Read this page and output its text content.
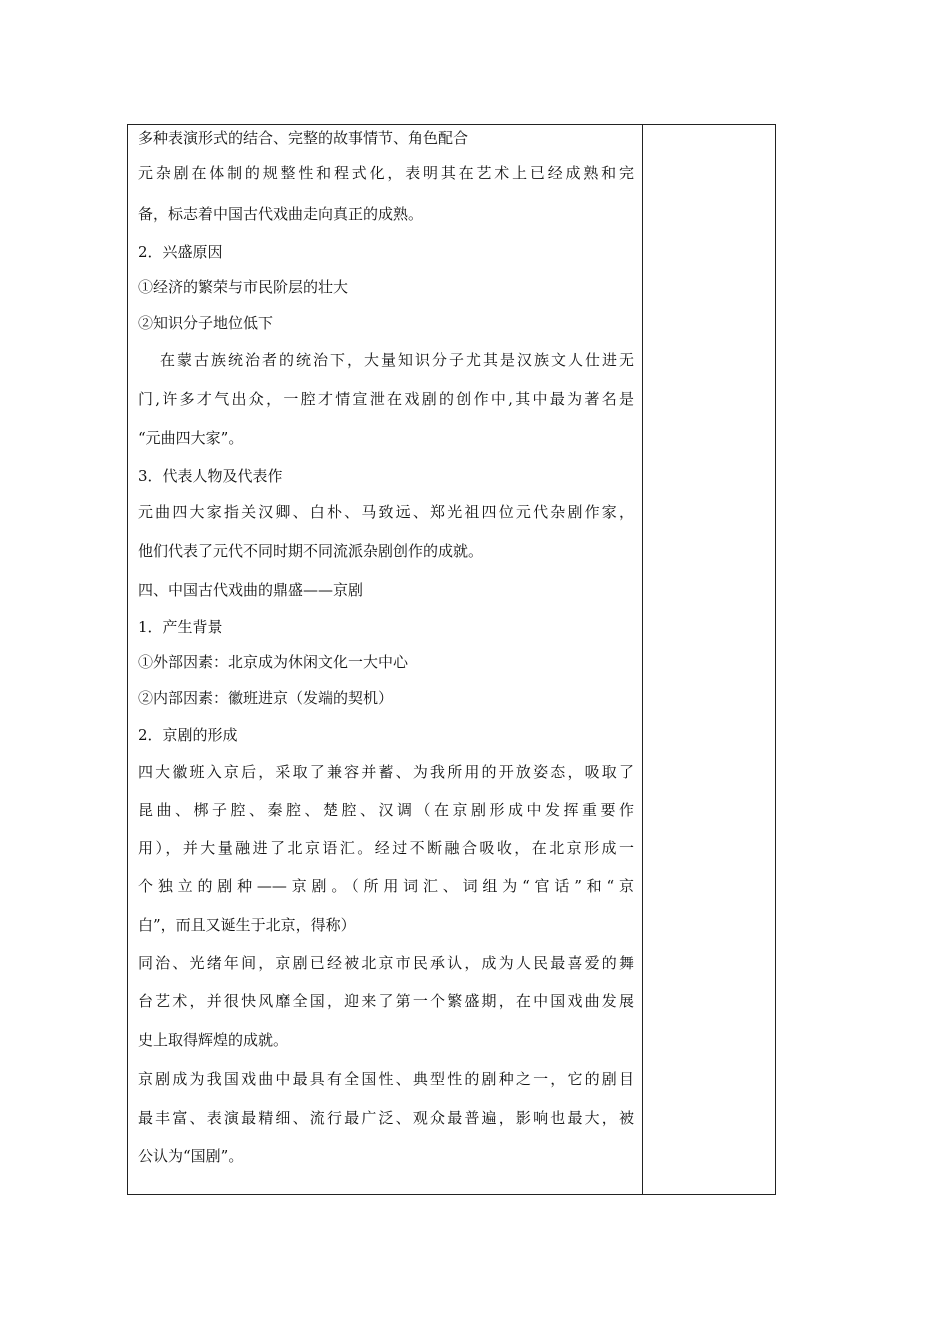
多种表演形式的结合、完整的故事情节、角色配合
元杂剧在体制的规整性和程式化，表明其在艺术上已经成熟和完
备，标志着中国古代戏曲走向真正的成熟。
2．兴盛原因
①经济的繁荣与市民阶层的壮大
②知识分子地位低下
在蒙古族统治者的统治下，大量知识分子尤其是汉族文人仕进无
门,许多才气出众，一腔才情宣泄在戏剧的创作中,其中最为著名是
“元曲四大家”。
3．代表人物及代表作
元曲四大家指关汉卿、白朴、马致远、郑光祖四位元代杂剧作家，
他们代表了元代不同时期不同流派杂剧创作的成就。
四、中国古代戏曲的鼎盛——京剧
1．产生背景
①外部因素：北京成为休闲文化一大中心
②内部因素：徽班进京（发端的契机）
2．京剧的形成
四大徽班入京后，采取了兼容并蓄、为我所用的开放姿态，吸取了
昆曲、梆子腔、秦腔、楚腔、汉调（在京剧形成中发挥重要作
用），并大量融进了北京语汇。经过不断融合吸收，在北京形成一
个独立的剧种——京剧。（所用词汇、词组为“官话”和“京
白”，而且又诞生于北京，得称）
同治、光绪年间，京剧已经被北京市民承认，成为人民最喜爱的舞
台艺术，并很快风靡全国，迎来了第一个繁盛期，在中国戏曲发展
史上取得辉煌的成就。
京剧成为我国戏曲中最具有全国性、典型性的剧种之一，它的剧目
最丰富、表演最精细、流行最广泛、观众最普遍，影响也最大，被
公认为“国剧”。
